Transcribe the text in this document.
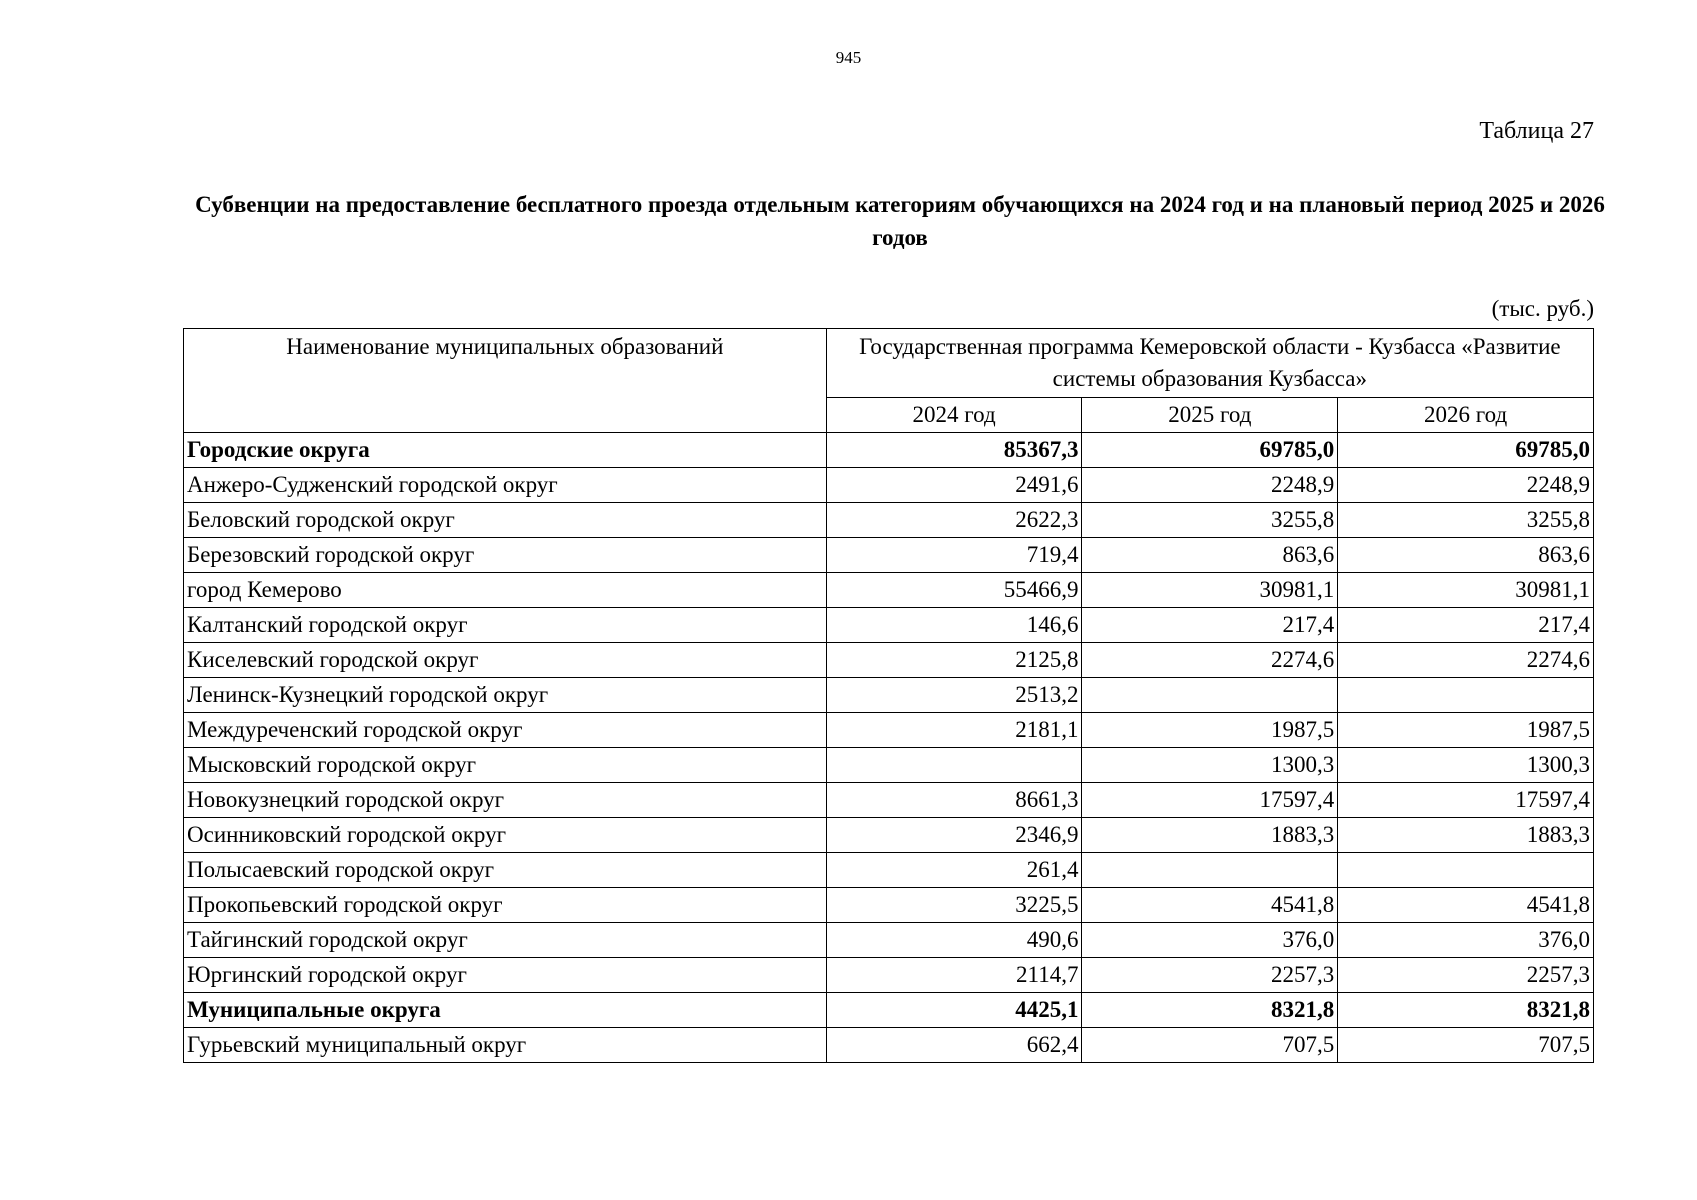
945
Таблица 27
Субвенции на предоставление бесплатного проезда отдельным категориям обучающихся на 2024 год и на плановый период 2025 и 2026 годов
(тыс. руб.)
Наименование муниципальных образований	Государственная программа Кемеровской области - Кузбасса «Развитие системы образования Кузбасса»		
	2024 год	2025 год	2026 год
Городские округа	85367,3	69785,0	69785,0
Анжеро-Судженский городской округ	2491,6	2248,9	2248,9
Беловский городской округ	2622,3	3255,8	3255,8
Березовский городской округ	719,4	863,6	863,6
город Кемерово	55466,9	30981,1	30981,1
Калтанский городской округ	146,6	217,4	217,4
Киселевский городской округ	2125,8	2274,6	2274,6
Ленинск-Кузнецкий городской округ	2513,2		
Междуреченский городской округ	2181,1	1987,5	1987,5
Мысковский городской округ		1300,3	1300,3
Новокузнецкий городской округ	8661,3	17597,4	17597,4
Осинниковский городской округ	2346,9	1883,3	1883,3
Полысаевский городской округ	261,4		
Прокопьевский городской округ	3225,5	4541,8	4541,8
Тайгинский городской округ	490,6	376,0	376,0
Юргинский городской округ	2114,7	2257,3	2257,3
Муниципальные округа	4425,1	8321,8	8321,8
Гурьевский муниципальный округ	662,4	707,5	707,5
